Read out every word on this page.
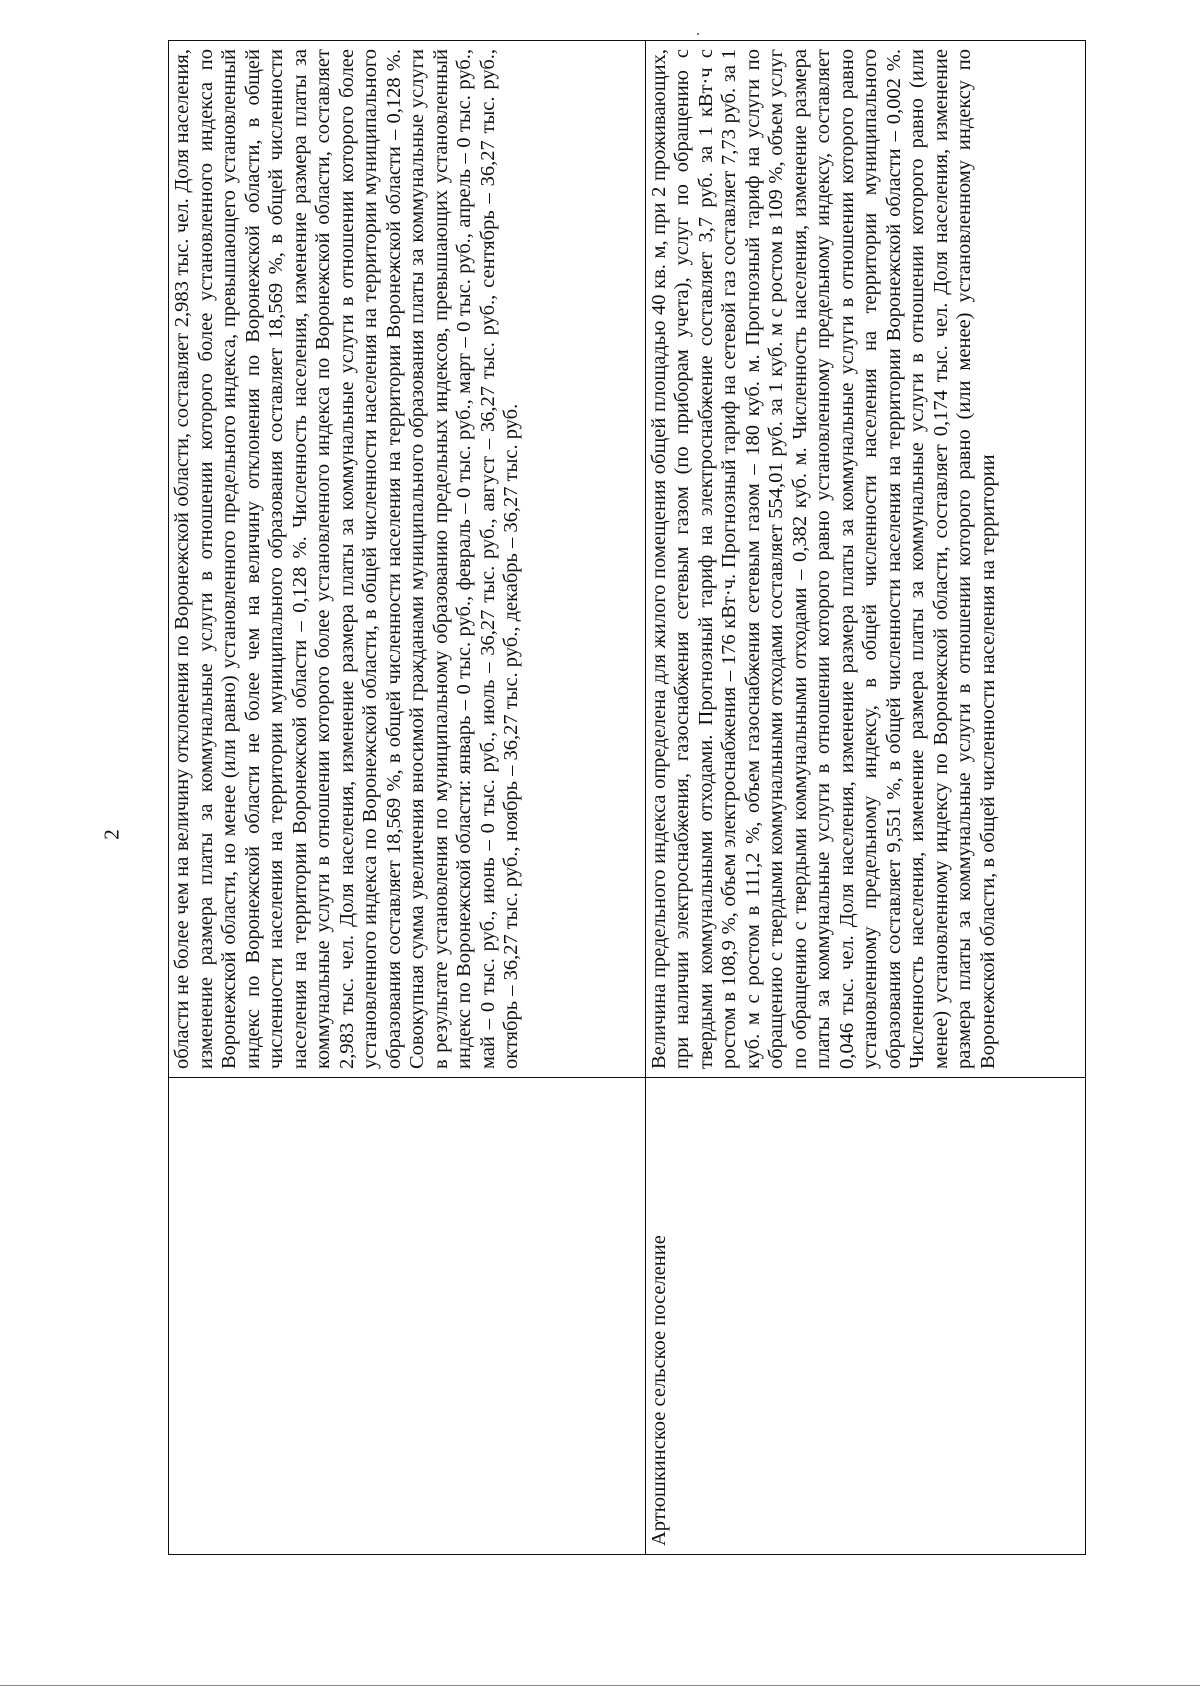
2

	области не более чем на величину отклонения по Воронежской области, составляет 2,983 тыс. чел. Доля населения, изменение размера платы за коммунальные услуги в отношении которого более установленного индекса по Воронежской области, но менее (или равно) установленного предельного индекса, превышающего установленный индекс по Воронежской области не более чем на величину отклонения по Воронежской области, в общей численности населения на территории муниципального образования составляет 18,569 %, в общей численности населения на территории Воронежской области – 0,128 %. Численность населения, изменение размера платы за коммунальные услуги в отношении которого более установленного индекса по Воронежской области, составляет 2,983 тыс. чел. Доля населения, изменение размера платы за коммунальные услуги в отношении которого более установленного индекса по Воронежской области, в общей численности населения на территории муниципального образования составляет 18,569 %, в общей численности населения на территории Воронежской области – 0,128 %. Совокупная сумма увеличения вносимой гражданами муниципального образования платы за коммунальные услуги в результате установления по муниципальному образованию предельных индексов, превышающих установленный индекс по Воронежской области: январь – 0 тыс. руб., февраль – 0 тыс. руб., март – 0 тыс. руб., апрель – 0 тыс. руб., май – 0 тыс. руб., июнь – 0 тыс. руб., июль – 36,27 тыс. руб., август – 36,27 тыс. руб., сентябрь – 36,27 тыс. руб., октябрь – 36,27 тыс. руб., ноябрь – 36,27 тыс. руб., декабрь – 36,27 тыс. руб.

Артюшкинское сельское поселение	Величина предельного индекса определена для жилого помещения общей площадью 40 кв. м, при 2 проживающих, при наличии электроснабжения, газоснабжения сетевым газом (по приборам учета), услуг по обращению с твердыми коммунальными отходами. Прогнозный тариф на электроснабжение составляет 3,7 руб. за 1 кВт·ч с ростом в 108,9 %, объем электроснабжения – 176 кВт·ч. Прогнозный тариф на сетевой газ составляет 7,73 руб. за 1 куб. м с ростом в 111,2 %, объем газоснабжения сетевым газом – 180 куб. м. Прогнозный тариф на услуги по обращению с твердыми коммунальными отходами составляет 554,01 руб. за 1 куб. м с ростом в 109 %, объем услуг по обращению с твердыми коммунальными отходами – 0,382 куб. м. Численность населения, изменение размера платы за коммунальные услуги в отношении которого равно установленному предельному индексу, составляет 0,046 тыс. чел. Доля населения, изменение размера платы за коммунальные услуги в отношении которого равно установленному предельному индексу, в общей численности населения на территории муниципального образования составляет 9,551 %, в общей численности населения на территории Воронежской области – 0,002 %. Численность населения, изменение размера платы за коммунальные услуги в отношении которого равно (или менее) установленному индексу по Воронежской области, составляет 0,174 тыс. чел. Доля населения, изменение размера платы за коммунальные услуги в отношении которого равно (или менее) установленному индексу по Воронежской области, в общей численности населения на территории
